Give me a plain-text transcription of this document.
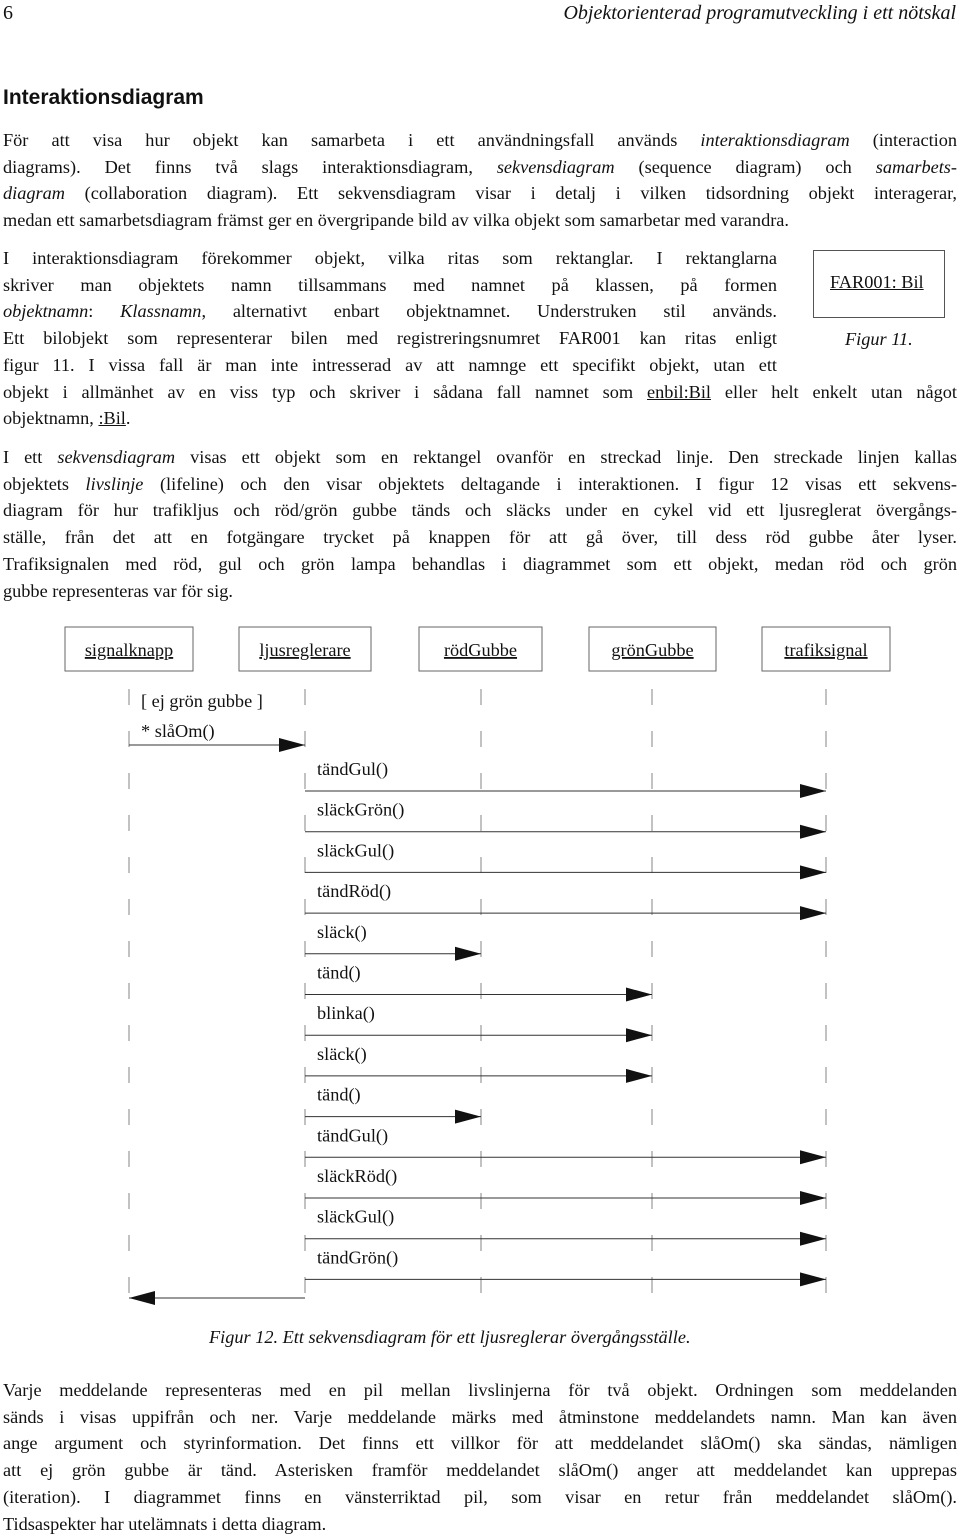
6	Objektorienterad programutveckling i ett nötskal
Interaktionsdiagram
För att visa hur objekt kan samarbeta i ett användningsfall används interaktionsdiagram (interaction
diagrams). Det finns två slags interaktionsdiagram, sekvensdiagram (sequence diagram) och samarbets-
diagram (collaboration diagram). Ett sekvensdiagram visar i detalj i vilken tidsordning objekt interagerar,
medan ett samarbetsdiagram främst ger en övergripande bild av vilka objekt som samarbetar med varandra.
I interaktionsdiagram förekommer objekt, vilka ritas som rektanglar. I rektanglarna
skriver man objektets namn tillsammans med namnet på klassen, på formen
objektnamn: Klassnamn, alternativt enbart objektnamnet. Understruken stil används.
Ett bilobjekt som representerar bilen med registreringsnumret FAR001 kan ritas enligt
figur 11. I vissa fall är man inte intresserad av att namnge ett specifikt objekt, utan ett
objekt i allmänhet av en viss typ och skriver i sådana fall namnet som enbil:Bil eller helt enkelt utan något
objektnamn, :Bil.
FAR001: Bil
Figur 11.
I ett sekvensdiagram visas ett objekt som en rektangel ovanför en streckad linje. Den streckade linjen kallas
objektets livslinje (lifeline) och den visar objektets deltagande i interaktionen. I figur 12 visas ett sekvens-
diagram för hur trafikljus och röd/grön gubbe tänds och släcks under en cykel vid ett ljusreglerat övergångs-
ställe, från det att en fotgängare trycket på knappen för att gå över, till dess röd gubbe åter lyser.
Trafiksignalen med röd, gul och grön lampa behandlas i diagrammet som ett objekt, medan röd och grön
gubbe representeras var för sig.
signalknapp	ljusreglerare	rödGubbe	grönGubbe	trafiksignal
[ ej grön gubbe ]
* slåOm()
tändGul()
släckGrön()
släckGul()
tändRöd()
släck()
tänd()
blinka()
släck()
tänd()
tändGul()
släckRöd()
släckGul()
tändGrön()
Figur 12. Ett sekvensdiagram för ett ljusreglerar övergångsställe.
Varje meddelande representeras med en pil mellan livslinjerna för två objekt. Ordningen som meddelanden
sänds i visas uppifrån och ner. Varje meddelande märks med åtminstone meddelandets namn. Man kan även
ange argument och styrinformation. Det finns ett villkor för att meddelandet slåOm() ska sändas, nämligen
att ej grön gubbe är tänd. Asterisken framför meddelandet slåOm() anger att meddelandet kan upprepas
(iteration). I diagrammet finns en vänsterriktad pil, som visar en retur från meddelandet slåOm().
Tidsaspekter har utelämnats i detta diagram.
